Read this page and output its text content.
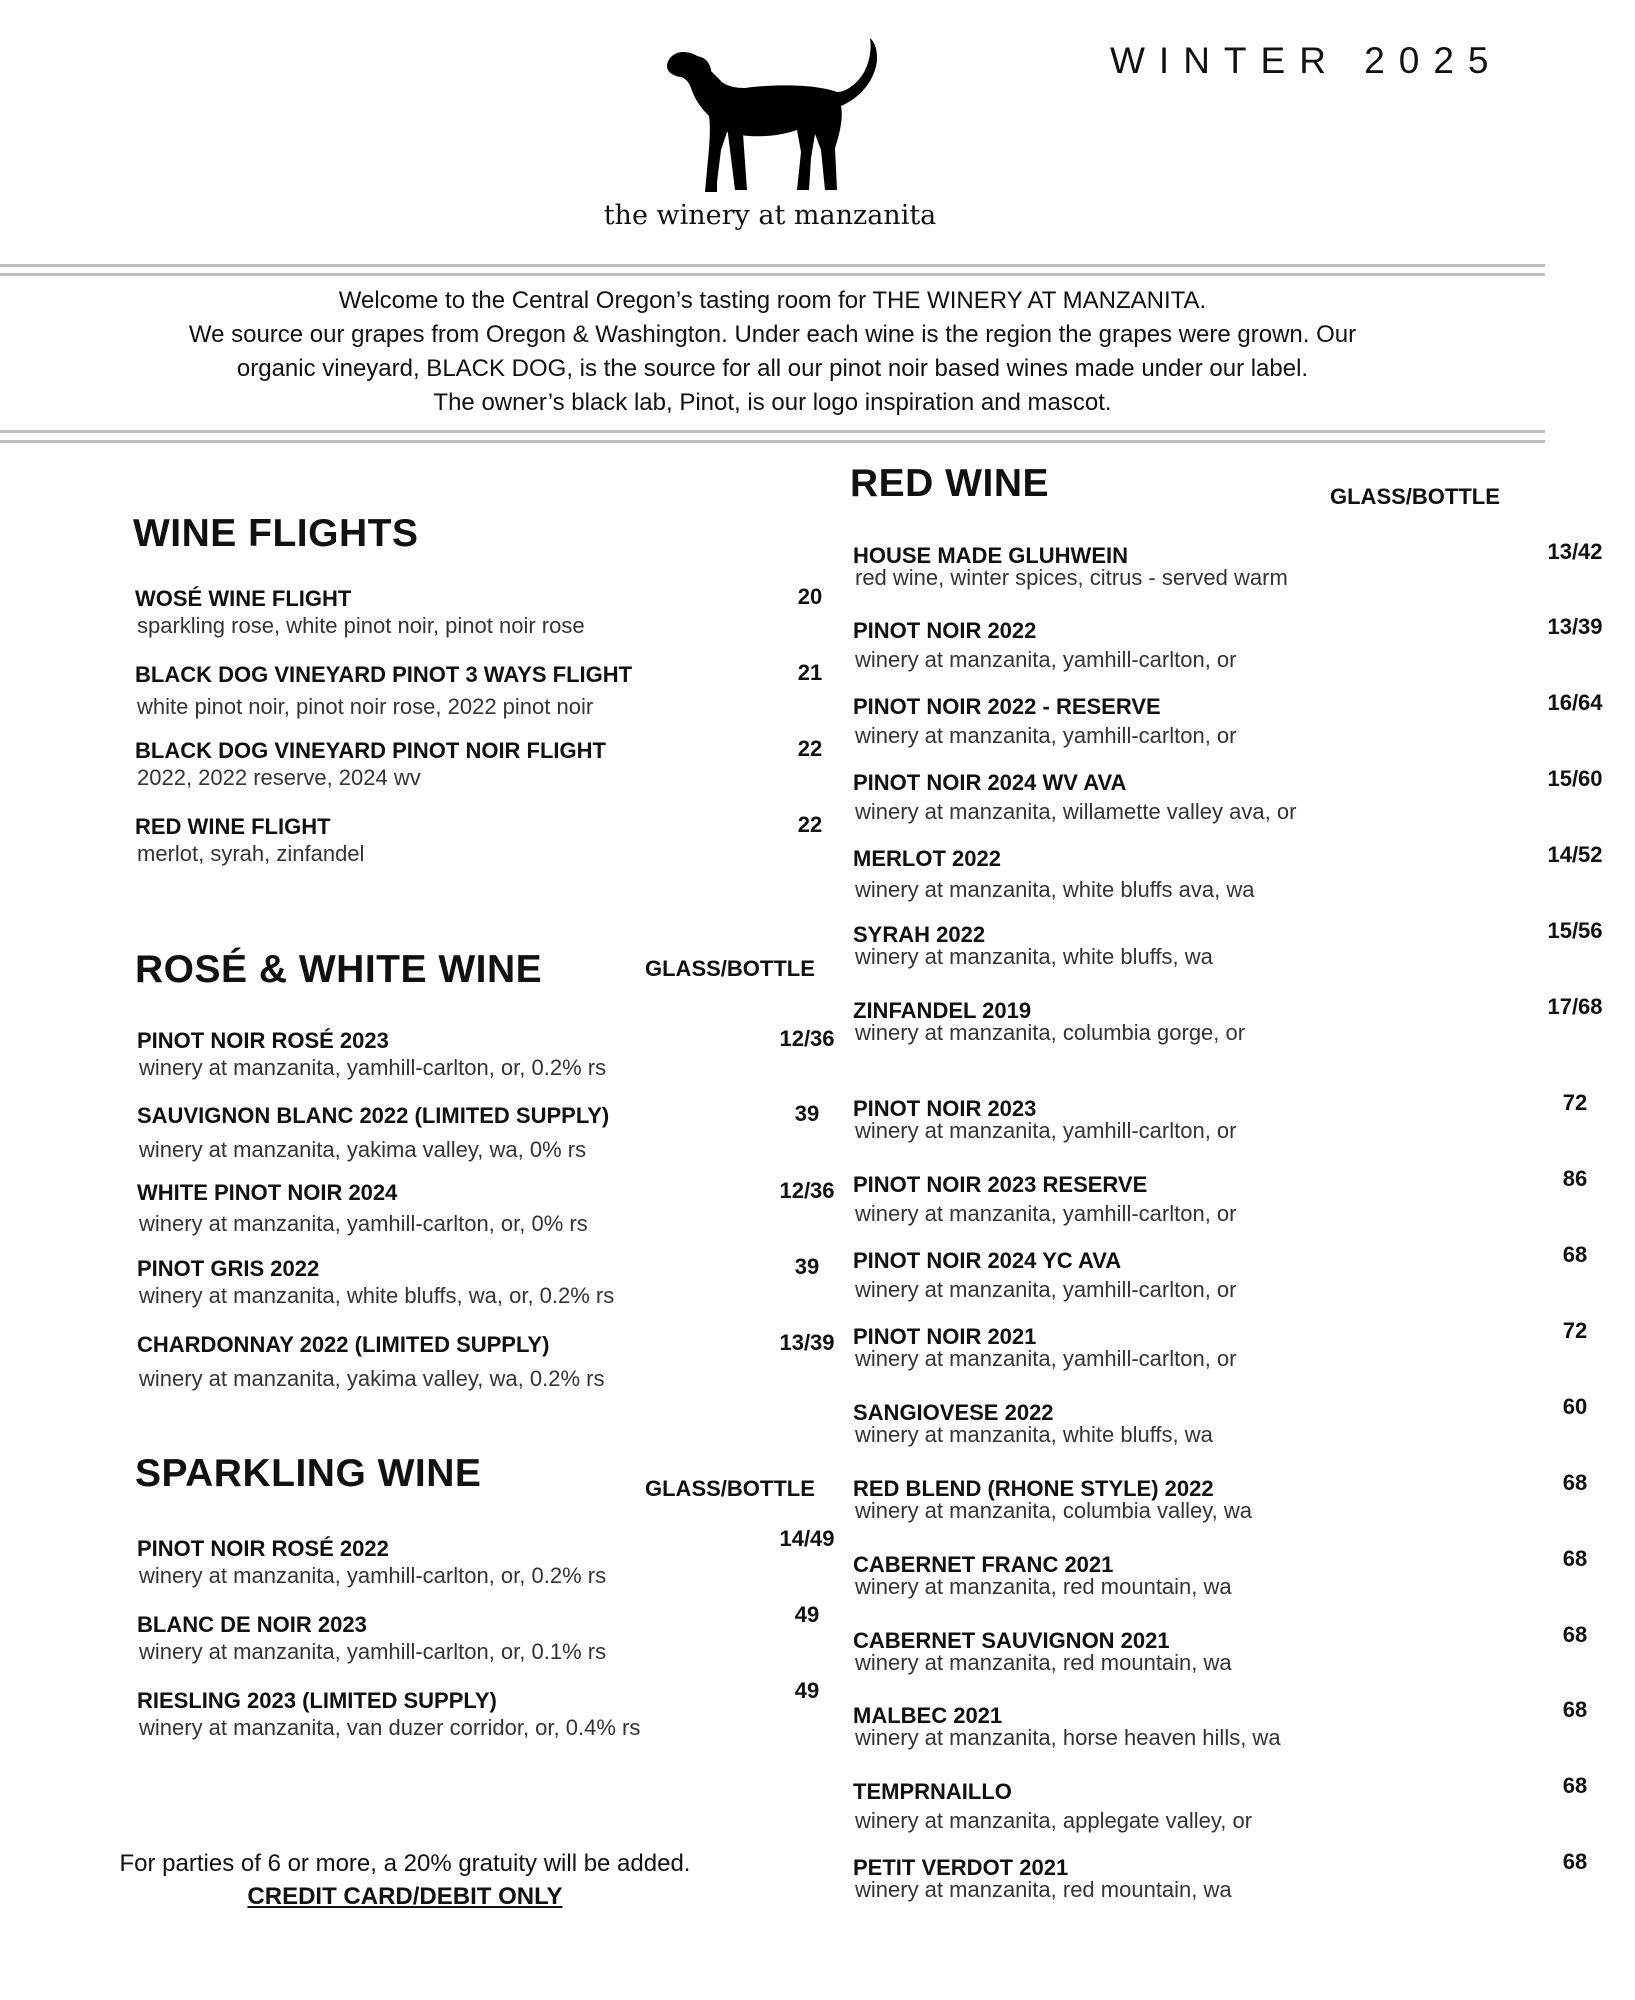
WINTER 2025
the winery at manzanita
Welcome to the Central Oregon’s tasting room for THE WINERY AT MANZANITA.
We source our grapes from Oregon & Washington. Under each wine is the region the grapes were grown. Our
organic vineyard, BLACK DOG, is the source for all our pinot noir based wines made under our label.
The owner’s black lab, Pinot, is our logo inspiration and mascot.
WINE FLIGHTS
WOSÉ WINE FLIGHT
sparkling rose, white pinot noir, pinot noir rose
20
BLACK DOG VINEYARD PINOT 3 WAYS FLIGHT
white pinot noir, pinot noir rose, 2022 pinot noir
21
BLACK DOG VINEYARD PINOT NOIR FLIGHT
2022, 2022 reserve, 2024 wv
22
RED WINE FLIGHT
merlot, syrah, zinfandel
22
ROSÉ & WHITE WINE	GLASS/BOTTLE
PINOT NOIR ROSÉ 2023
winery at manzanita, yamhill-carlton, or, 0.2% rs
12/36
SAUVIGNON BLANC 2022 (LIMITED SUPPLY)
winery at manzanita, yakima valley, wa, 0% rs
39
WHITE PINOT NOIR 2024
winery at manzanita, yamhill-carlton, or, 0% rs
12/36
PINOT GRIS 2022
winery at manzanita, white bluffs, wa, or, 0.2% rs
39
CHARDONNAY 2022 (LIMITED SUPPLY)
winery at manzanita, yakima valley, wa, 0.2% rs
13/39
SPARKLING WINE	GLASS/BOTTLE
PINOT NOIR ROSÉ 2022
winery at manzanita, yamhill-carlton, or, 0.2% rs
14/49
BLANC DE NOIR 2023
winery at manzanita, yamhill-carlton, or, 0.1% rs
49
RIESLING 2023 (LIMITED SUPPLY)
winery at manzanita, van duzer corridor, or, 0.4% rs
49
For parties of 6 or more, a 20% gratuity will be added.
CREDIT CARD/DEBIT ONLY
RED WINE	GLASS/BOTTLE
HOUSE MADE GLUHWEIN
red wine, winter spices, citrus - served warm
13/42
PINOT NOIR 2022
winery at manzanita, yamhill-carlton, or
13/39
PINOT NOIR 2022 - RESERVE
winery at manzanita, yamhill-carlton, or
16/64
PINOT NOIR 2024 WV AVA
winery at manzanita, willamette valley ava, or
15/60
MERLOT 2022
winery at manzanita, white bluffs ava, wa
14/52
SYRAH 2022
winery at manzanita, white bluffs, wa
15/56
ZINFANDEL 2019
winery at manzanita, columbia gorge, or
17/68
PINOT NOIR 2023
winery at manzanita, yamhill-carlton, or
72
PINOT NOIR 2023 RESERVE
winery at manzanita, yamhill-carlton, or
86
PINOT NOIR 2024 YC AVA
winery at manzanita, yamhill-carlton, or
68
PINOT NOIR 2021
winery at manzanita, yamhill-carlton, or
72
SANGIOVESE 2022
winery at manzanita, white bluffs, wa
60
RED BLEND (RHONE STYLE) 2022
winery at manzanita, columbia valley, wa
68
CABERNET FRANC 2021
winery at manzanita, red mountain, wa
68
CABERNET SAUVIGNON 2021
winery at manzanita, red mountain, wa
68
MALBEC 2021
winery at manzanita, horse heaven hills, wa
68
TEMPRNAILLO
winery at manzanita, applegate valley, or
68
PETIT VERDOT 2021
winery at manzanita, red mountain, wa
68
